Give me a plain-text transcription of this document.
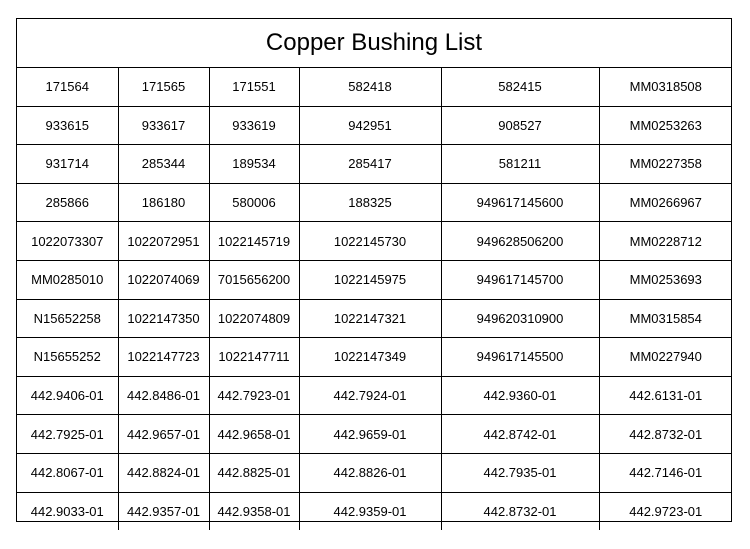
Copper Bushing List
171564	171565	171551	582418	582415	MM0318508
933615	933617	933619	942951	908527	MM0253263
931714	285344	189534	285417	581211	MM0227358
285866	186180	580006	188325	949617145600	MM0266967
1022073307	1022072951	1022145719	1022145730	949628506200	MM0228712
MM0285010	1022074069	7015656200	1022145975	949617145700	MM0253693
N15652258	1022147350	1022074809	1022147321	949620310900	MM0315854
N15655252	1022147723	1022147711	1022147349	949617145500	MM0227940
442.9406-01	442.8486-01	442.7923-01	442.7924-01	442.9360-01	442.6131-01
442.7925-01	442.9657-01	442.9658-01	442.9659-01	442.8742-01	442.8732-01
442.8067-01	442.8824-01	442.8825-01	442.8826-01	442.7935-01	442.7146-01
442.9033-01	442.9357-01	442.9358-01	442.9359-01	442.8732-01	442.9723-01
